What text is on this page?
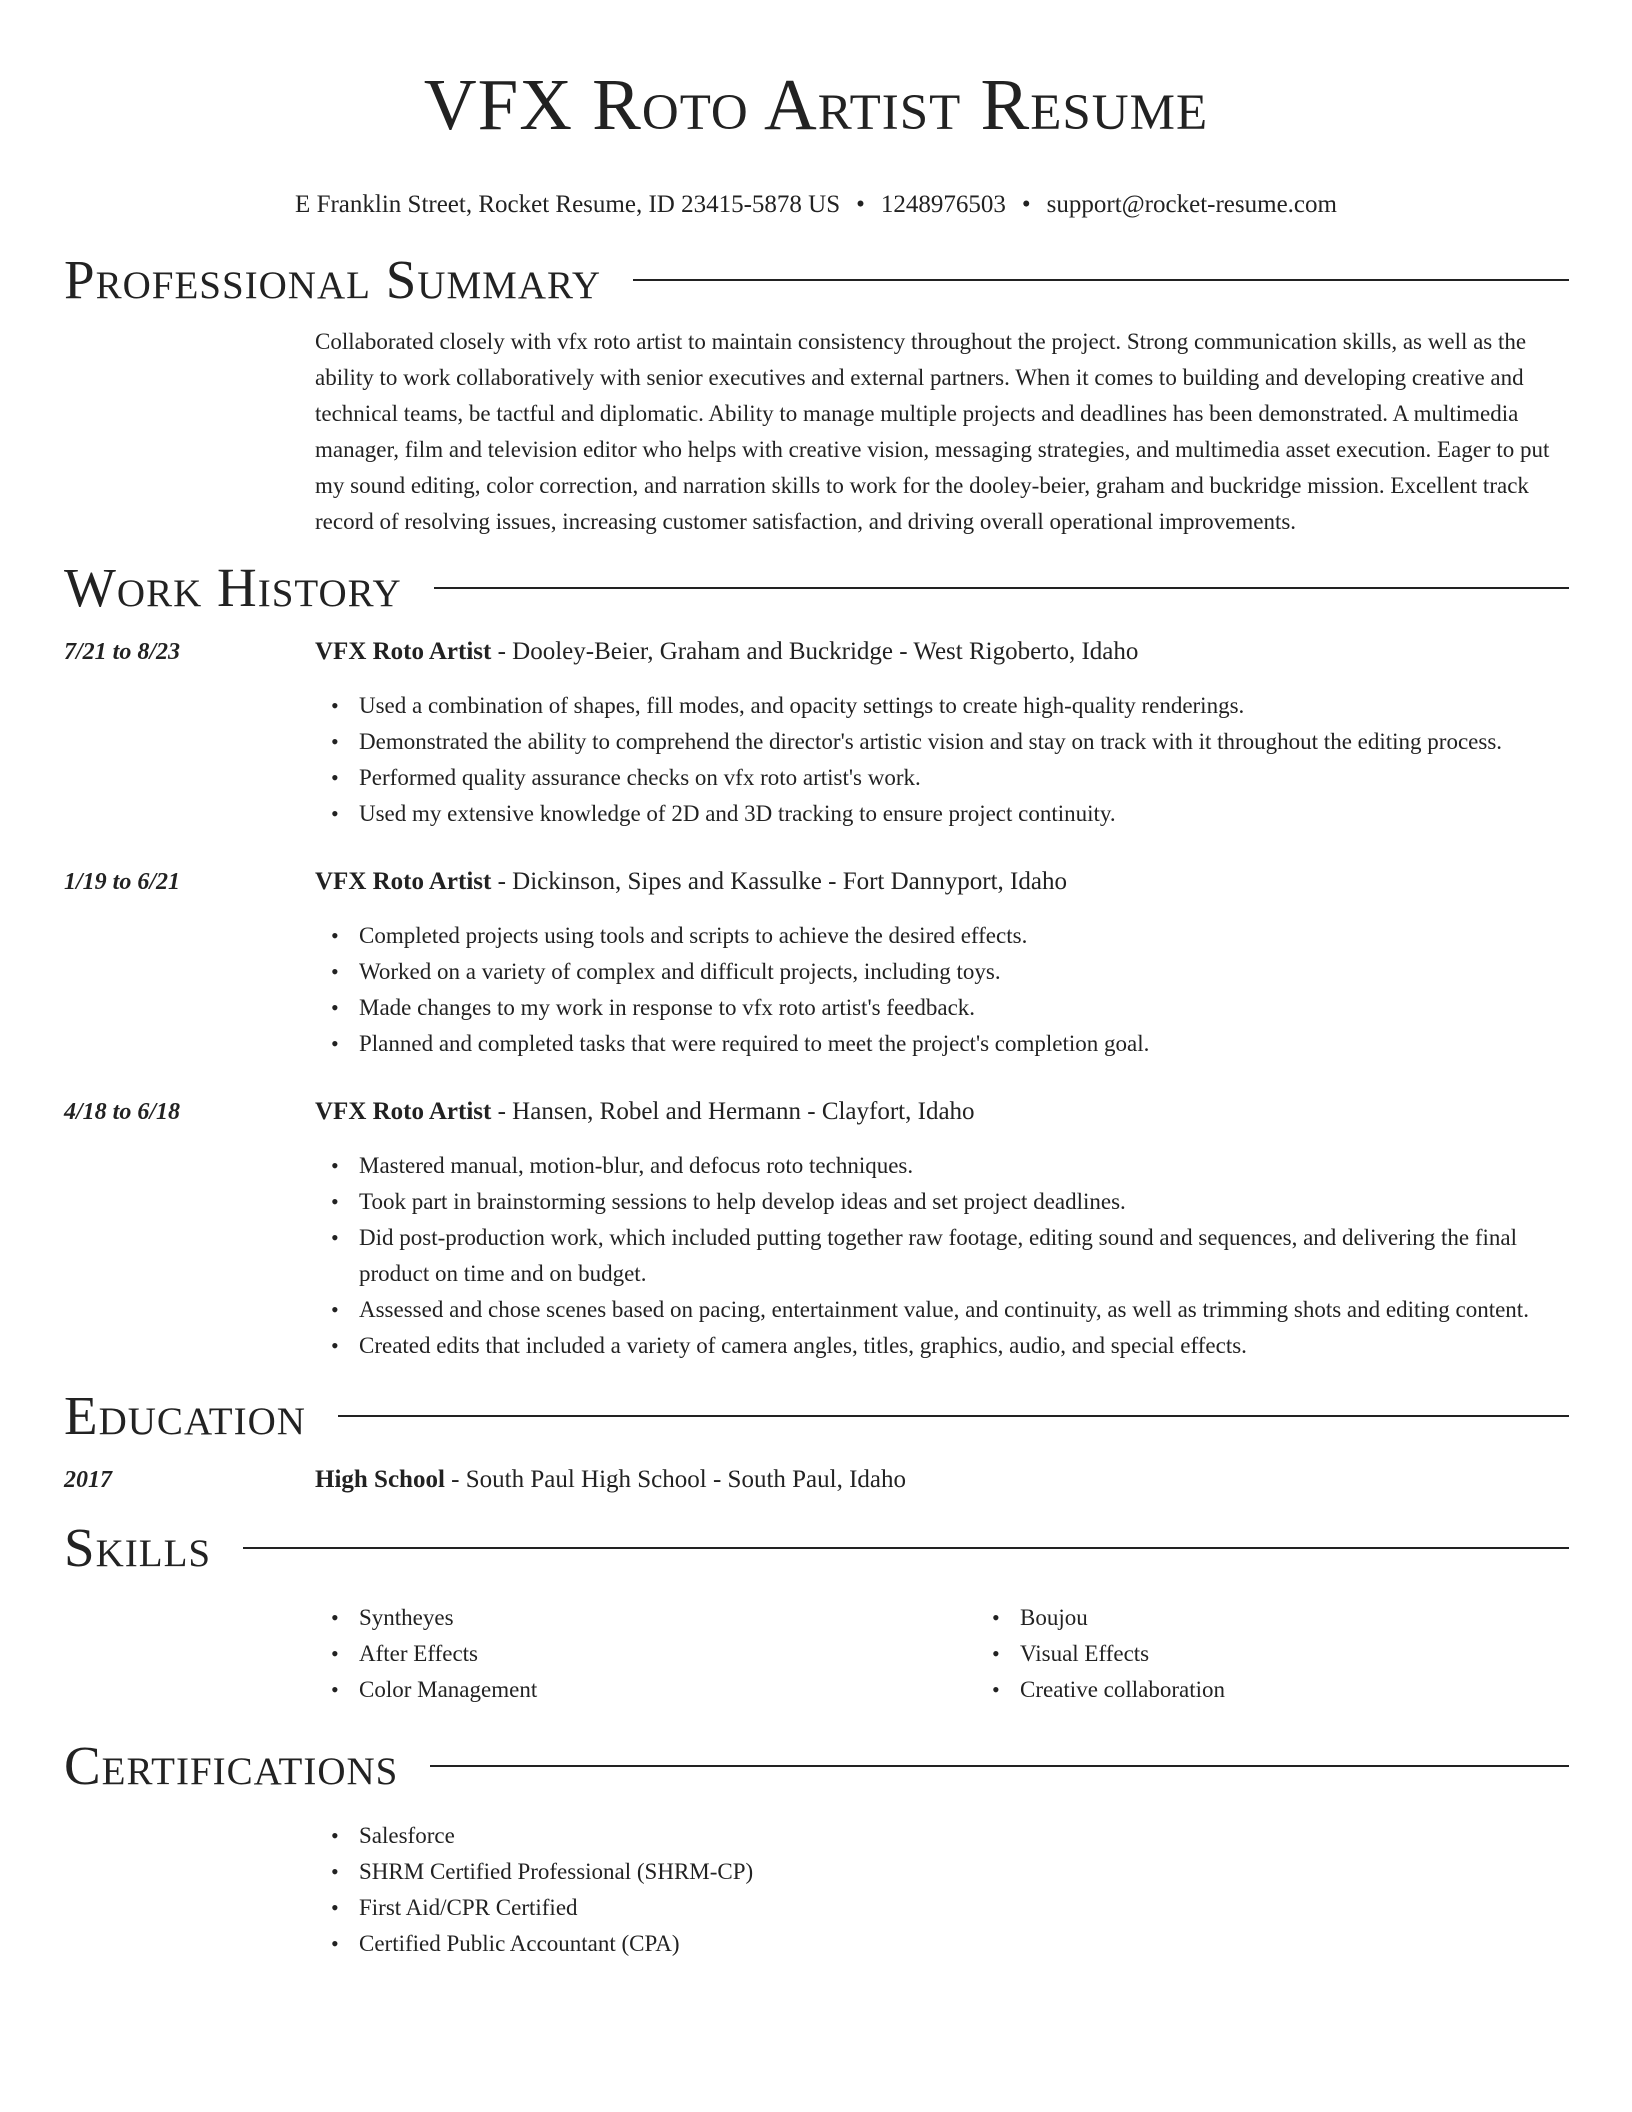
VFX Roto Artist Resume
E Franklin Street, Rocket Resume, ID 23415-5878 US • 1248976503 • support@rocket-resume.com
Professional Summary
Collaborated closely with vfx roto artist to maintain consistency throughout the project. Strong communication skills, as well as the ability to work collaboratively with senior executives and external partners. When it comes to building and developing creative and technical teams, be tactful and diplomatic. Ability to manage multiple projects and deadlines has been demonstrated. A multimedia manager, film and television editor who helps with creative vision, messaging strategies, and multimedia asset execution. Eager to put my sound editing, color correction, and narration skills to work for the dooley-beier, graham and buckridge mission. Excellent track record of resolving issues, increasing customer satisfaction, and driving overall operational improvements.
Work History
7/21 to 8/23	VFX Roto Artist - Dooley-Beier, Graham and Buckridge - West Rigoberto, Idaho
• Used a combination of shapes, fill modes, and opacity settings to create high-quality renderings.
• Demonstrated the ability to comprehend the director's artistic vision and stay on track with it throughout the editing process.
• Performed quality assurance checks on vfx roto artist's work.
• Used my extensive knowledge of 2D and 3D tracking to ensure project continuity.
1/19 to 6/21	VFX Roto Artist - Dickinson, Sipes and Kassulke - Fort Dannyport, Idaho
• Completed projects using tools and scripts to achieve the desired effects.
• Worked on a variety of complex and difficult projects, including toys.
• Made changes to my work in response to vfx roto artist's feedback.
• Planned and completed tasks that were required to meet the project's completion goal.
4/18 to 6/18	VFX Roto Artist - Hansen, Robel and Hermann - Clayfort, Idaho
• Mastered manual, motion-blur, and defocus roto techniques.
• Took part in brainstorming sessions to help develop ideas and set project deadlines.
• Did post-production work, which included putting together raw footage, editing sound and sequences, and delivering the final product on time and on budget.
• Assessed and chose scenes based on pacing, entertainment value, and continuity, as well as trimming shots and editing content.
• Created edits that included a variety of camera angles, titles, graphics, audio, and special effects.
Education
2017	High School - South Paul High School - South Paul, Idaho
Skills
• Syntheyes
• After Effects
• Color Management
• Boujou
• Visual Effects
• Creative collaboration
Certifications
• Salesforce
• SHRM Certified Professional (SHRM-CP)
• First Aid/CPR Certified
• Certified Public Accountant (CPA)
